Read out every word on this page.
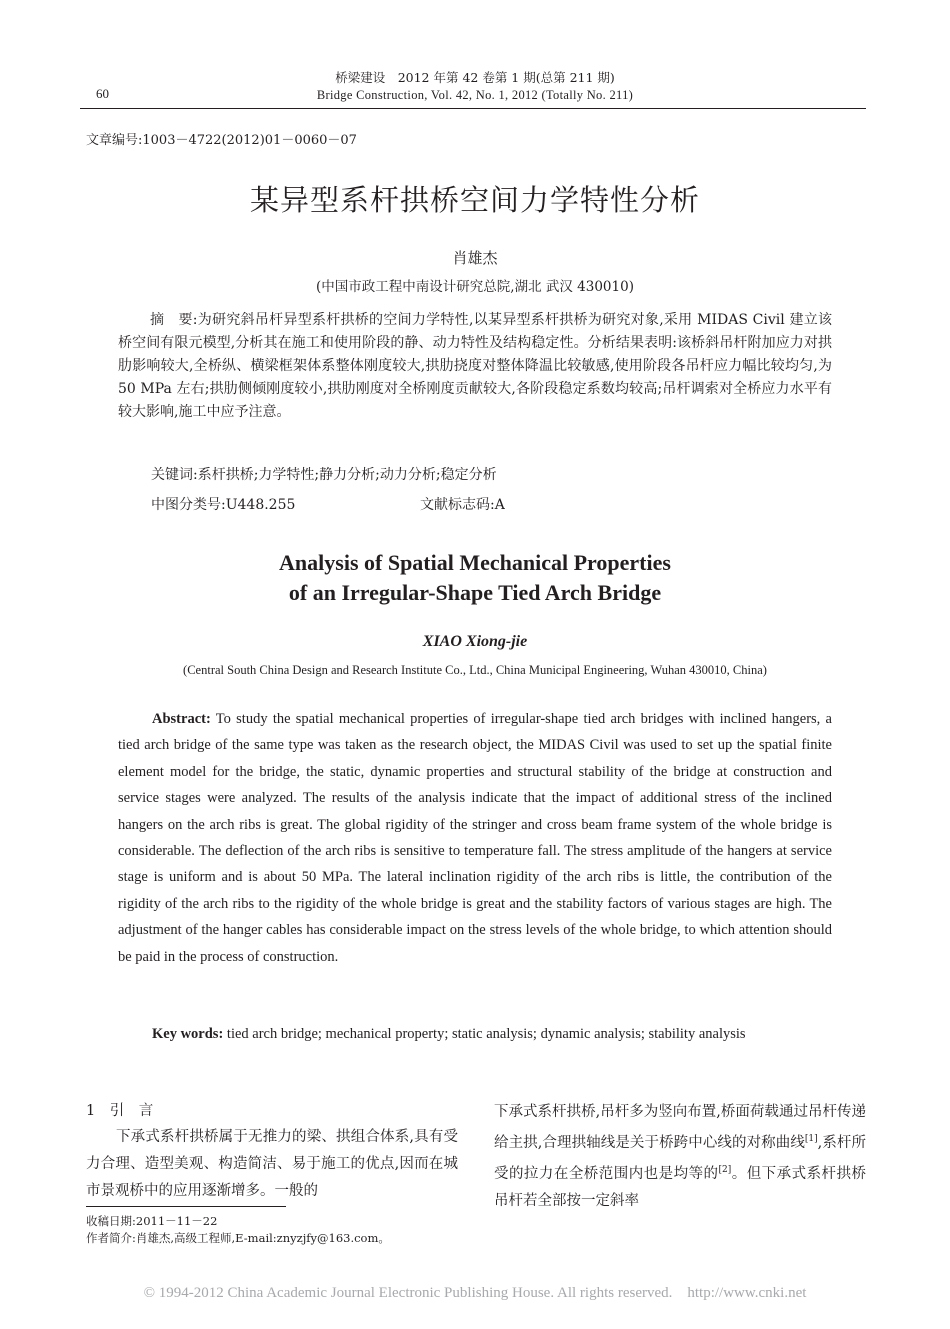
60
桥梁建设　2012 年第 42 卷第 1 期(总第 211 期)
Bridge Construction, Vol. 42, No. 1, 2012 (Totally No. 211)
文章编号:1003－4722(2012)01－0060－07
某异型系杆拱桥空间力学特性分析
肖雄杰
(中国市政工程中南设计研究总院,湖北 武汉 430010)
摘　要:为研究斜吊杆异型系杆拱桥的空间力学特性,以某异型系杆拱桥为研究对象,采用 MIDAS Civil 建立该桥空间有限元模型,分析其在施工和使用阶段的静、动力特性及结构稳定性。分析结果表明:该桥斜吊杆附加应力对拱肋影响较大,全桥纵、横梁框架体系整体刚度较大,拱肋挠度对整体降温比较敏感,使用阶段各吊杆应力幅比较均匀,为 50 MPa 左右;拱肋侧倾刚度较小,拱肋刚度对全桥刚度贡献较大,各阶段稳定系数均较高;吊杆调索对全桥应力水平有较大影响,施工中应予注意。
关键词:系杆拱桥;力学特性;静力分析;动力分析;稳定分析
中图分类号:U448.255	文献标志码:A
Analysis of Spatial Mechanical Properties
of an Irregular-Shape Tied Arch Bridge
XIAO Xiong-jie
(Central South China Design and Research Institute Co., Ltd., China Municipal Engineering, Wuhan 430010, China)
Abstract: To study the spatial mechanical properties of irregular-shape tied arch bridges with inclined hangers, a tied arch bridge of the same type was taken as the research object, the MIDAS Civil was used to set up the spatial finite element model for the bridge, the static, dynamic properties and structural stability of the bridge at construction and service stages were analyzed. The results of the analysis indicate that the impact of additional stress of the inclined hangers on the arch ribs is great. The global rigidity of the stringer and cross beam frame system of the whole bridge is considerable. The deflection of the arch ribs is sensitive to temperature fall. The stress amplitude of the hangers at service stage is uniform and is about 50 MPa. The lateral inclination rigidity of the arch ribs is little, the contribution of the rigidity of the arch ribs to the rigidity of the whole bridge is great and the stability factors of various stages are high. The adjustment of the hanger cables has considerable impact on the stress levels of the whole bridge, to which attention should be paid in the process of construction.
Key words: tied arch bridge; mechanical property; static analysis; dynamic analysis; stability analysis
1　引　言
下承式系杆拱桥属于无推力的梁、拱组合体系,具有受力合理、造型美观、构造简洁、易于施工的优点,因而在城市景观桥中的应用逐渐增多。一般的
下承式系杆拱桥,吊杆多为竖向布置,桥面荷载通过吊杆传递给主拱,合理拱轴线是关于桥跨中心线的对称曲线[1],系杆所受的拉力在全桥范围内也是均等的[2]。但下承式系杆拱桥吊杆若全部按一定斜率
收稿日期:2011－11－22
作者简介:肖雄杰,高级工程师,E-mail:znyzjfy@163.com。
© 1994-2012 China Academic Journal Electronic Publishing House. All rights reserved.　http://www.cnki.net
